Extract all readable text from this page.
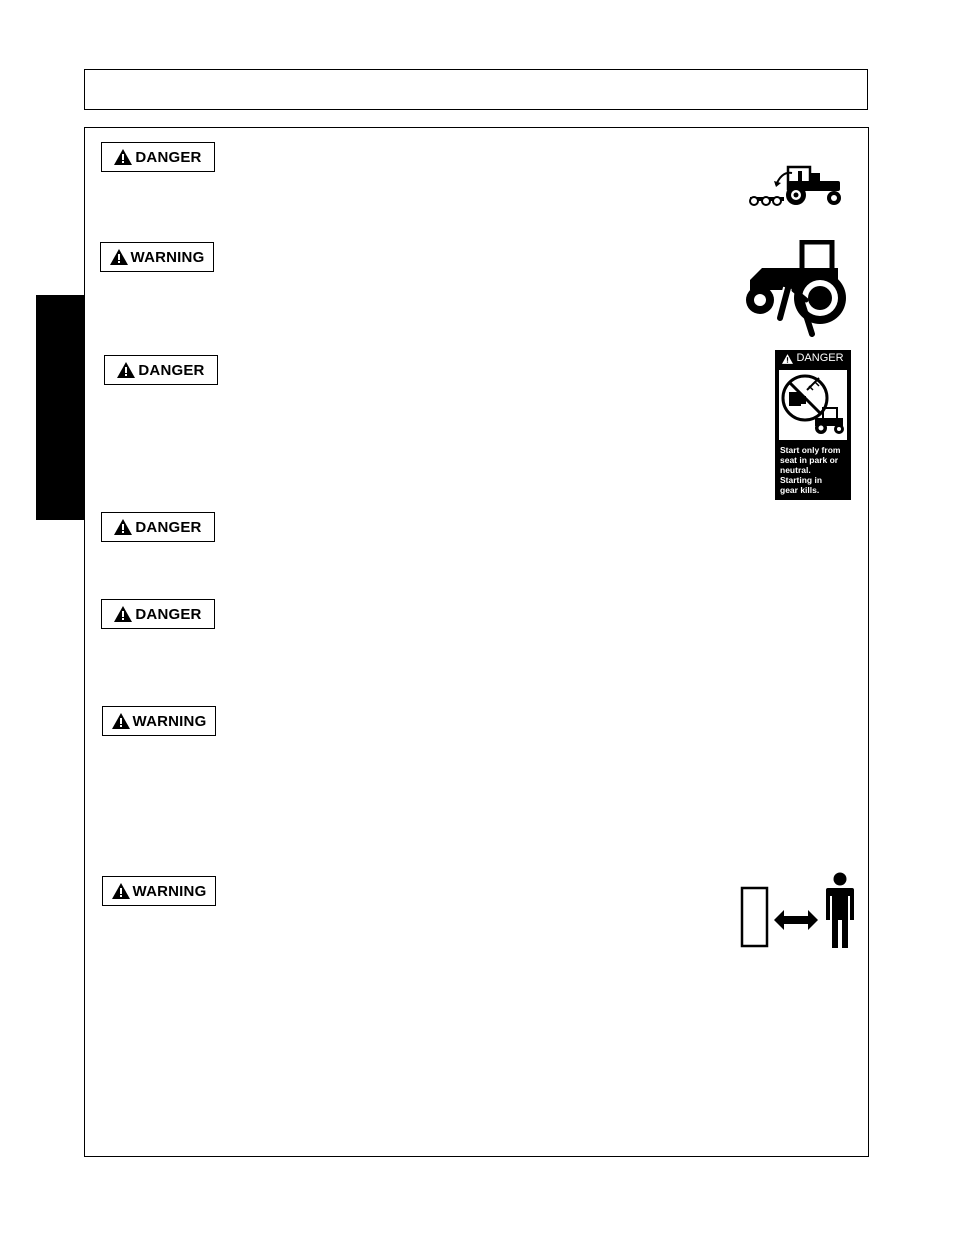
DANGER
WARNING
DANGER
DANGER
DANGER
WARNING
WARNING
DANGER
Start only from
seat in park or
neutral.
Starting in
gear kills.
